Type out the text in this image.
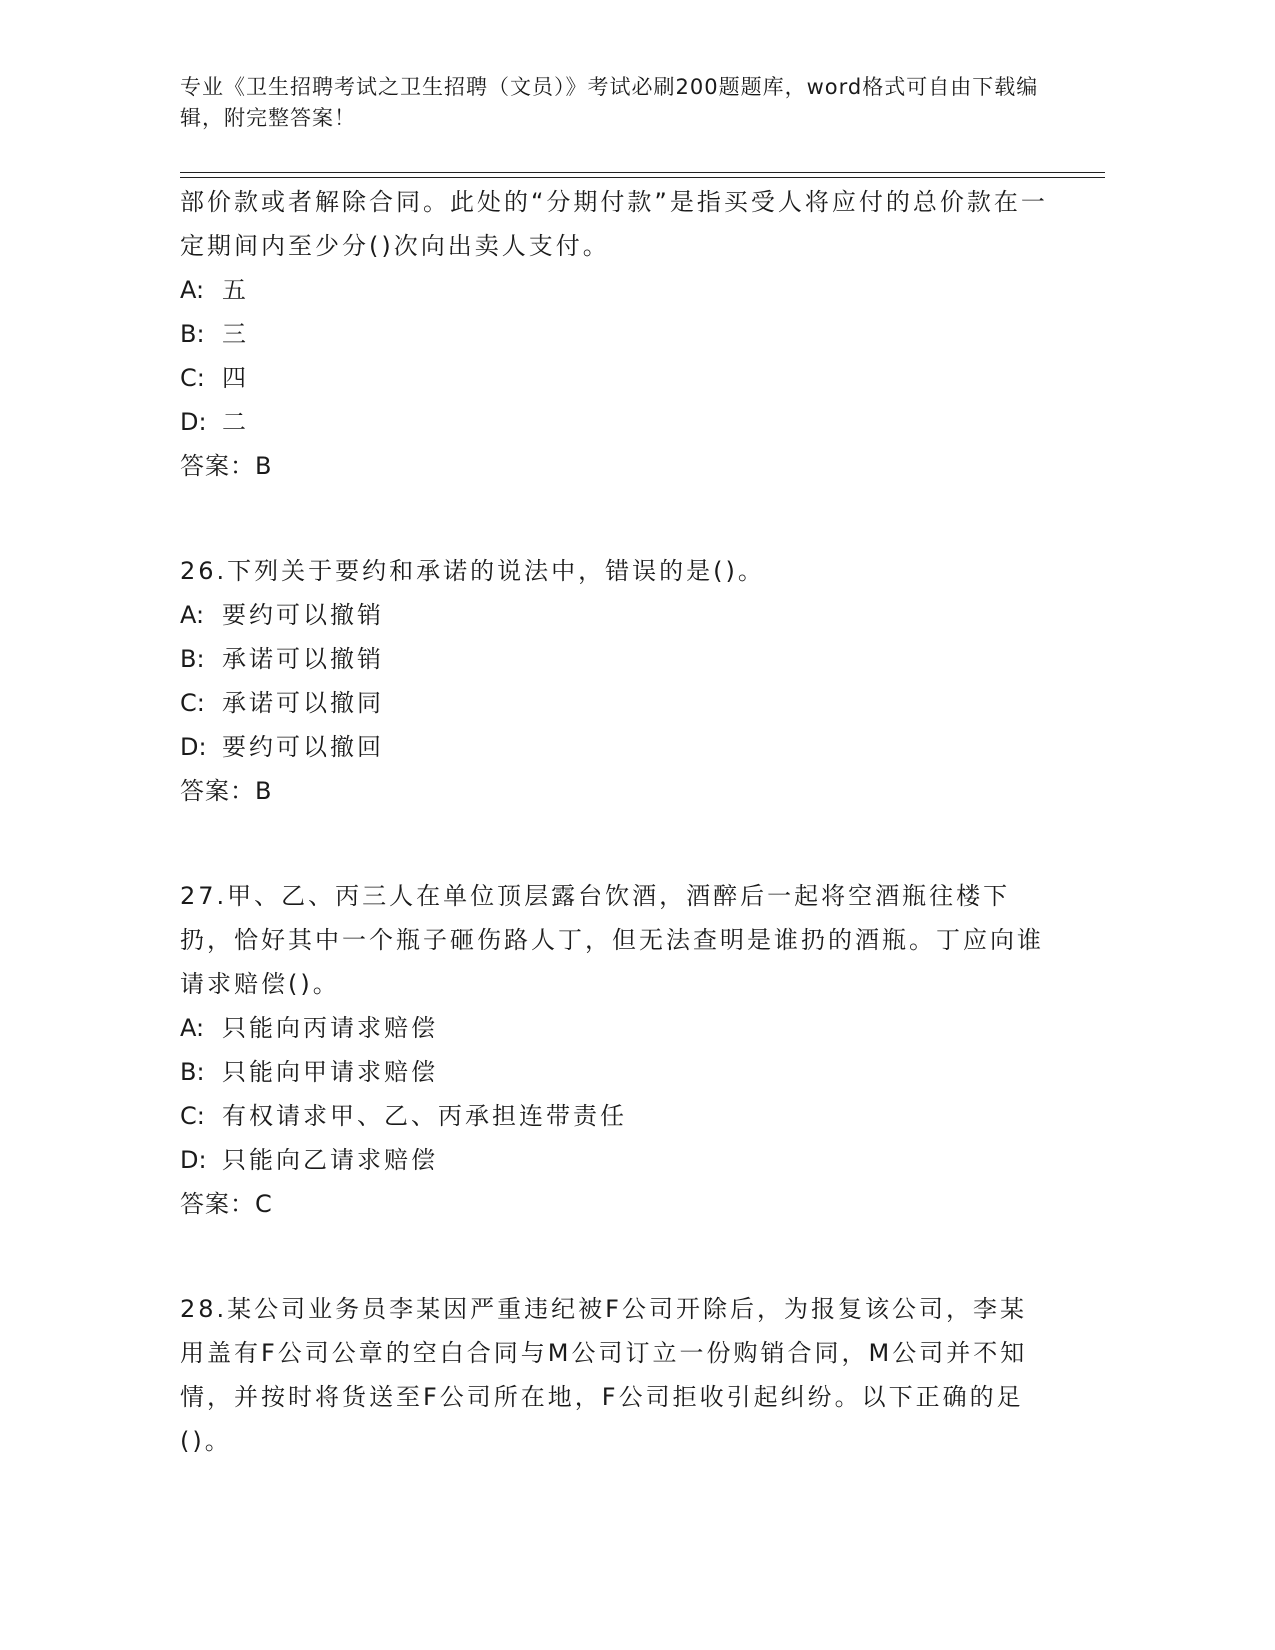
专业《卫生招聘考试之卫生招聘（文员）》考试必刷200题题库，word格式可自由下载编辑，附完整答案！

部价款或者解除合同。此处的“分期付款”是指买受人将应付的总价款在一定期间内至少分()次向出卖人支付。

A: 五

B: 三

C: 四

D: 二

答案：B

26.下列关于要约和承诺的说法中，错误的是()。

A: 要约可以撤销

B: 承诺可以撤销

C: 承诺可以撤同

D: 要约可以撤回

答案：B

27.甲、乙、丙三人在单位顶层露台饮酒，酒醉后一起将空酒瓶往楼下扔，恰好其中一个瓶子砸伤路人丁，但无法查明是谁扔的酒瓶。丁应向谁请求赔偿()。

A: 只能向丙请求赔偿

B: 只能向甲请求赔偿

C: 有权请求甲、乙、丙承担连带责任

D: 只能向乙请求赔偿

答案：C

28.某公司业务员李某因严重违纪被F公司开除后，为报复该公司，李某用盖有F公司公章的空白合同与M公司订立一份购销合同，M公司并不知情，并按时将货送至F公司所在地，F公司拒收引起纠纷。以下正确的足()。
